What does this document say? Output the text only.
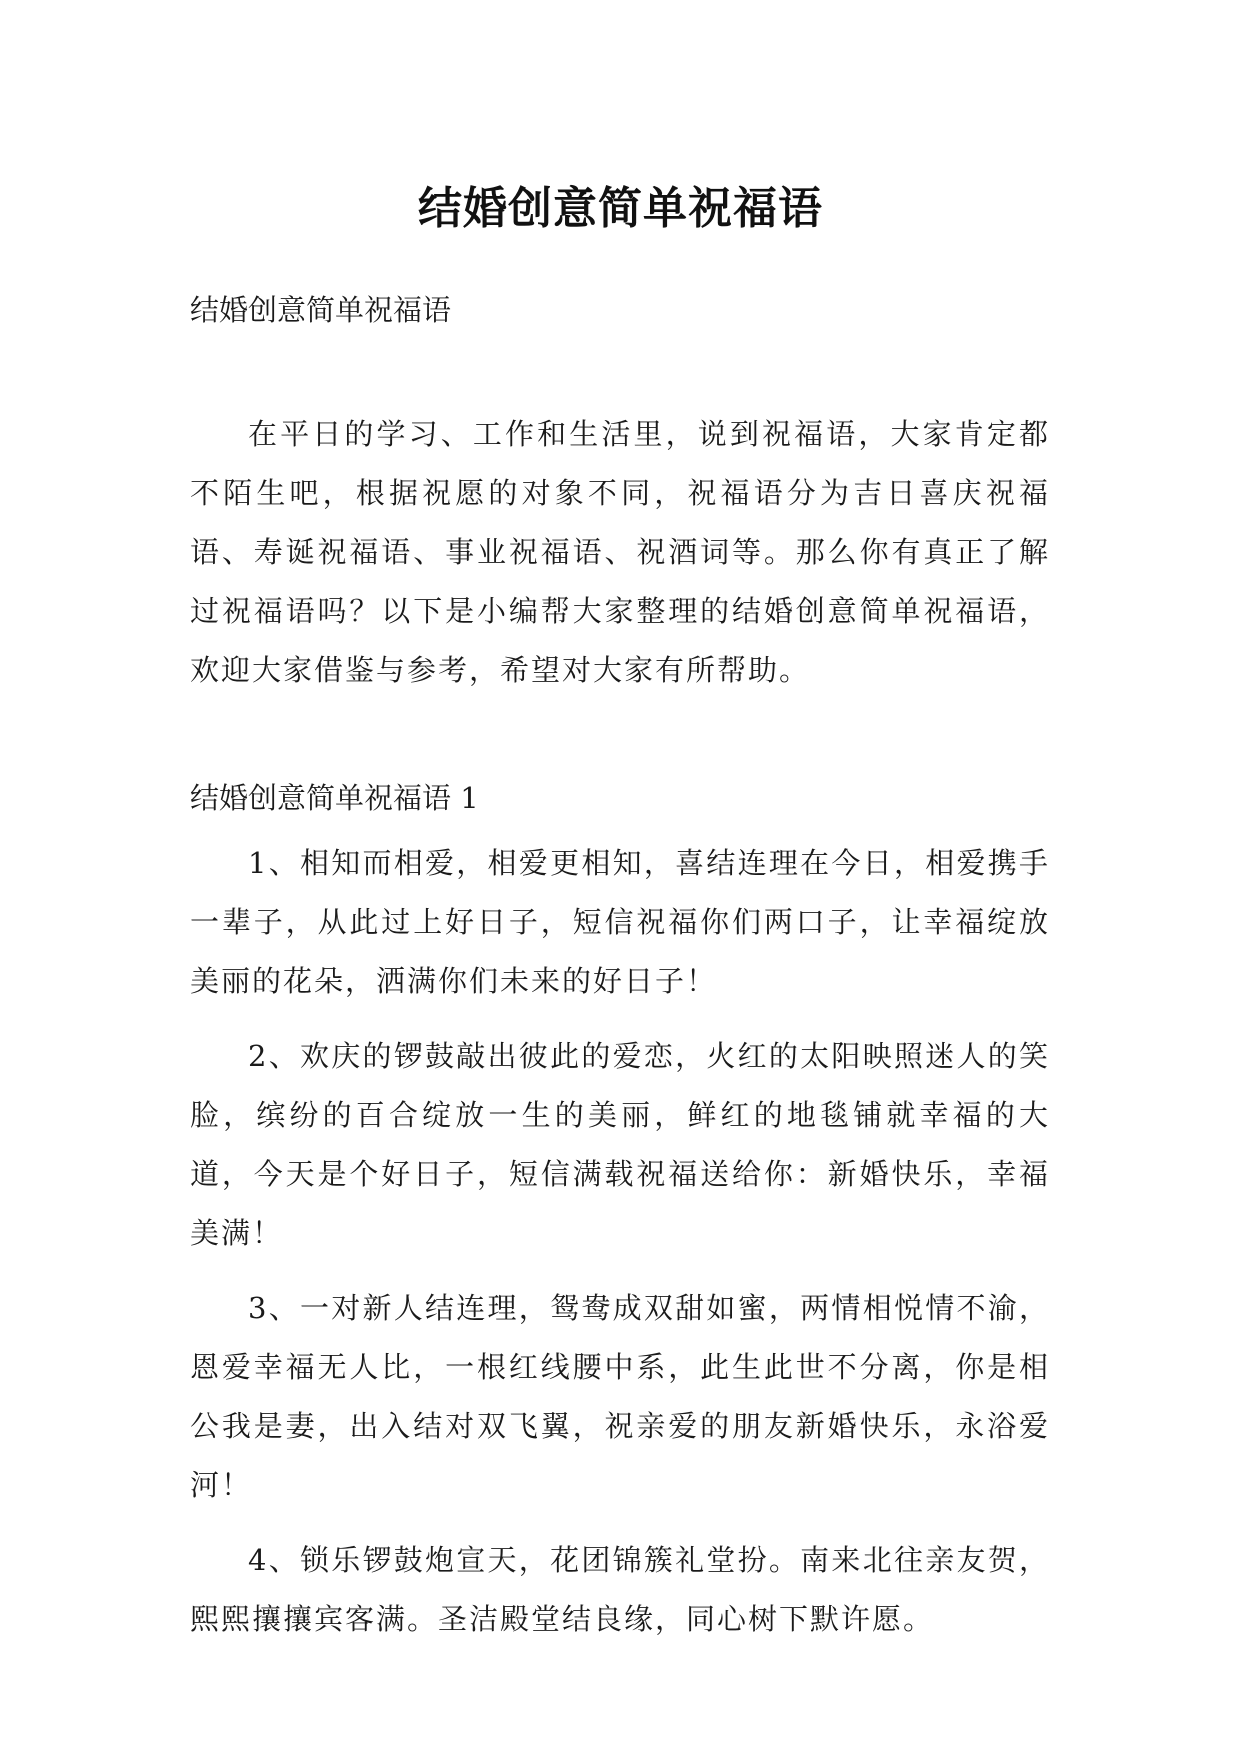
结婚创意简单祝福语

结婚创意简单祝福语

在平日的学习、工作和生活里，说到祝福语，大家肯定都不陌生吧，根据祝愿的对象不同，祝福语分为吉日喜庆祝福语、寿诞祝福语、事业祝福语、祝酒词等。那么你有真正了解过祝福语吗？以下是小编帮大家整理的结婚创意简单祝福语，欢迎大家借鉴与参考，希望对大家有所帮助。

结婚创意简单祝福语 1

1、相知而相爱，相爱更相知，喜结连理在今日，相爱携手一辈子，从此过上好日子，短信祝福你们两口子，让幸福绽放美丽的花朵，洒满你们未来的好日子！

2、欢庆的锣鼓敲出彼此的爱恋，火红的太阳映照迷人的笑脸，缤纷的百合绽放一生的美丽，鲜红的地毯铺就幸福的大道，今天是个好日子，短信满载祝福送给你：新婚快乐，幸福美满！

3、一对新人结连理，鸳鸯成双甜如蜜，两情相悦情不渝，恩爱幸福无人比，一根红线腰中系，此生此世不分离，你是相公我是妻，出入结对双飞翼，祝亲爱的朋友新婚快乐，永浴爱河！

4、锁乐锣鼓炮宣天，花团锦簇礼堂扮。南来北往亲友贺，熙熙攘攘宾客满。圣洁殿堂结良缘，同心树下默许愿。
